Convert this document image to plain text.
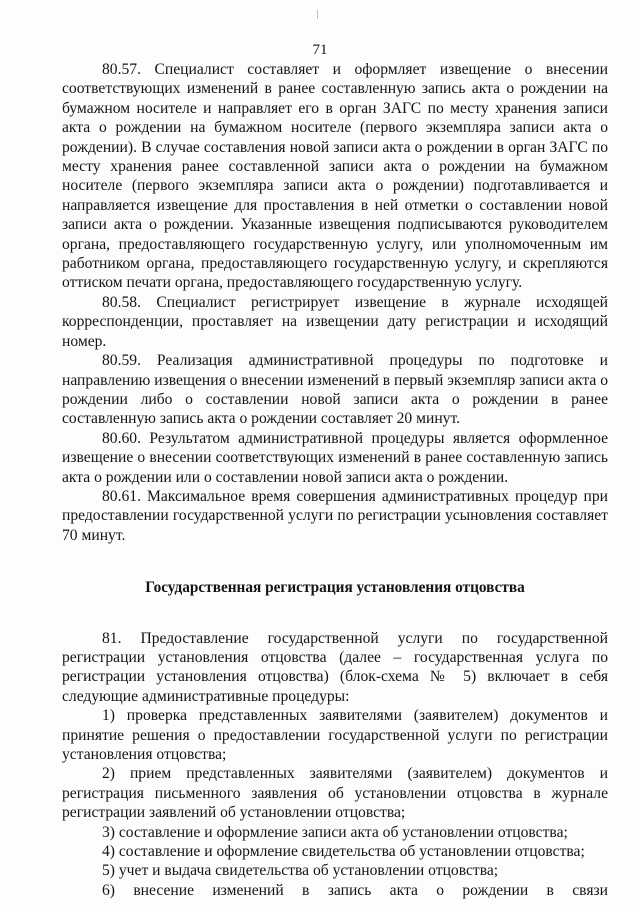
71

80.57. Специалист составляет и оформляет извещение о внесении соответствующих изменений в ранее составленную запись акта о рождении на бумажном носителе и направляет его в орган ЗАГС по месту хранения записи акта о рождении на бумажном носителе (первого экземпляра записи акта о рождении). В случае составления новой записи акта о рождении в орган ЗАГС по месту хранения ранее составленной записи акта о рождении на бумажном носителе (первого экземпляра записи акта о рождении) подготавливается и направляется извещение для проставления в ней отметки о составлении новой записи акта о рождении. Указанные извещения подписываются руководителем органа, предоставляющего государственную услугу, или уполномоченным им работником органа, предоставляющего государственную услугу, и скрепляются оттиском печати органа, предоставляющего государственную услугу.

80.58. Специалист регистрирует извещение в журнале исходящей корреспонденции, проставляет на извещении дату регистрации и исходящий номер.

80.59. Реализация административной процедуры по подготовке и направлению извещения о внесении изменений в первый экземпляр записи акта о рождении либо о составлении новой записи акта о рождении в ранее составленную запись акта о рождении составляет 20 минут.

80.60. Результатом административной процедуры является оформленное извещение о внесении соответствующих изменений в ранее составленную запись акта о рождении или о составлении новой записи акта о рождении.

80.61. Максимальное время совершения административных процедур при предоставлении государственной услуги по регистрации усыновления составляет 70 минут.

Государственная регистрация установления отцовства

81. Предоставление государственной услуги по государственной регистрации установления отцовства (далее – государственная услуга по регистрации установления отцовства) (блок-схема № 5) включает в себя следующие административные процедуры:

1) проверка представленных заявителями (заявителем) документов и принятие решения о предоставлении государственной услуги по регистрации установления отцовства;

2) прием представленных заявителями (заявителем) документов и регистрация письменного заявления об установлении отцовства в журнале регистрации заявлений об установлении отцовства;

3) составление и оформление записи акта об установлении отцовства;

4) составление и оформление свидетельства об установлении отцовства;

5) учет и выдача свидетельства об установлении отцовства;

6) внесение изменений в запись акта о рождении в связи
